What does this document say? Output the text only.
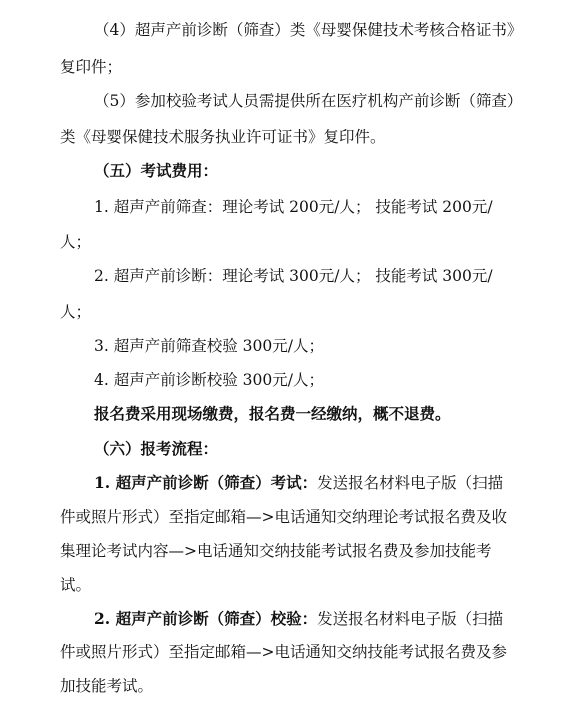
（4）超声产前诊断（筛查）类《母婴保健技术考核合格证书》
复印件；
（5）参加校验考试人员需提供所在医疗机构产前诊断（筛查）
类《母婴保健技术服务执业许可证书》复印件。
（五）考试费用：
1. 超声产前筛查：理论考试 200元/人； 技能考试 200元/
人；
2. 超声产前诊断：理论考试 300元/人； 技能考试 300元/
人；
3. 超声产前筛查校验 300元/人；
4. 超声产前诊断校验 300元/人；
报名费采用现场缴费，报名费一经缴纳，概不退费。
（六）报考流程：
1. 超声产前诊断（筛查）考试：发送报名材料电子版（扫描
件或照片形式）至指定邮箱—>电话通知交纳理论考试报名费及收
集理论考试内容—>电话通知交纳技能考试报名费及参加技能考
试。
2. 超声产前诊断（筛查）校验：发送报名材料电子版（扫描
件或照片形式）至指定邮箱—>电话通知交纳技能考试报名费及参
加技能考试。
